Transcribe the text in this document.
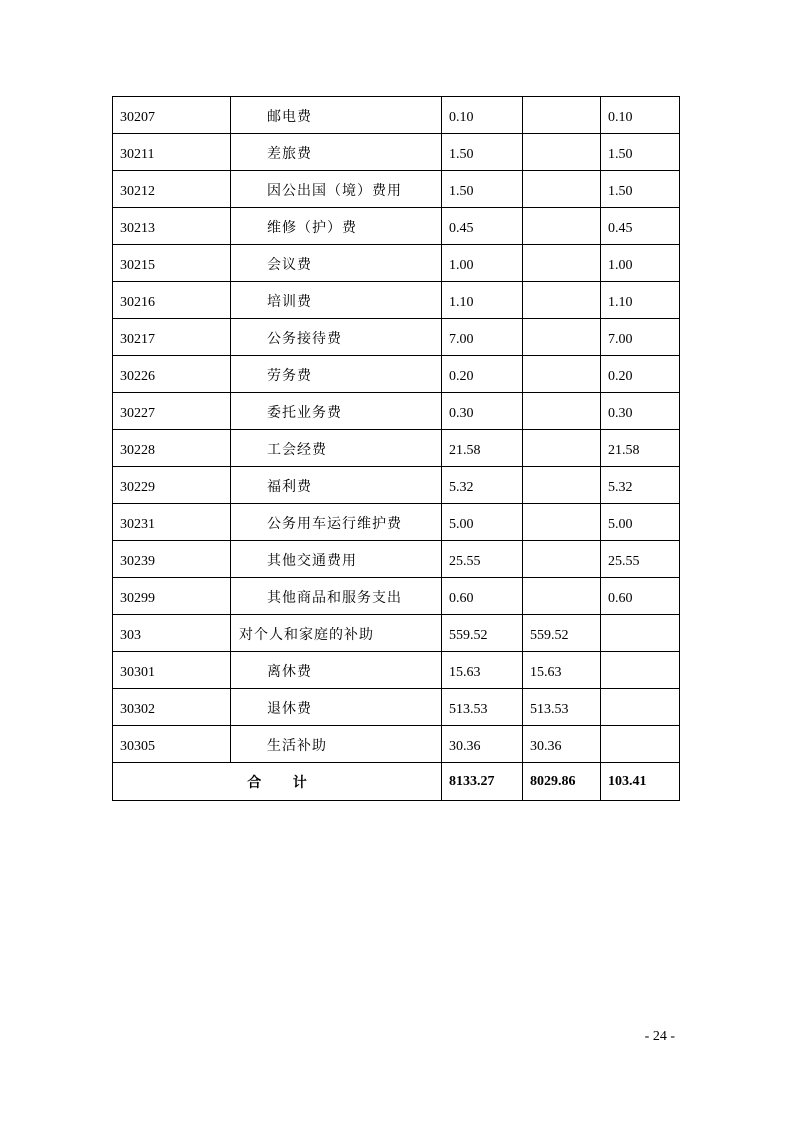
30207	邮电费	0.10		0.10
30211	差旅费	1.50		1.50
30212	因公出国（境）费用	1.50		1.50
30213	维修（护）费	0.45		0.45
30215	会议费	1.00		1.00
30216	培训费	1.10		1.10
30217	公务接待费	7.00		7.00
30226	劳务费	0.20		0.20
30227	委托业务费	0.30		0.30
30228	工会经费	21.58		21.58
30229	福利费	5.32		5.32
30231	公务用车运行维护费	5.00		5.00
30239	其他交通费用	25.55		25.55
30299	其他商品和服务支出	0.60		0.60
303	对个人和家庭的补助	559.52	559.52	
30301	离休费	15.63	15.63	
30302	退休费	513.53	513.53	
30305	生活补助	30.36	30.36	
合 计		8133.27	8029.86	103.41
- 24 -
